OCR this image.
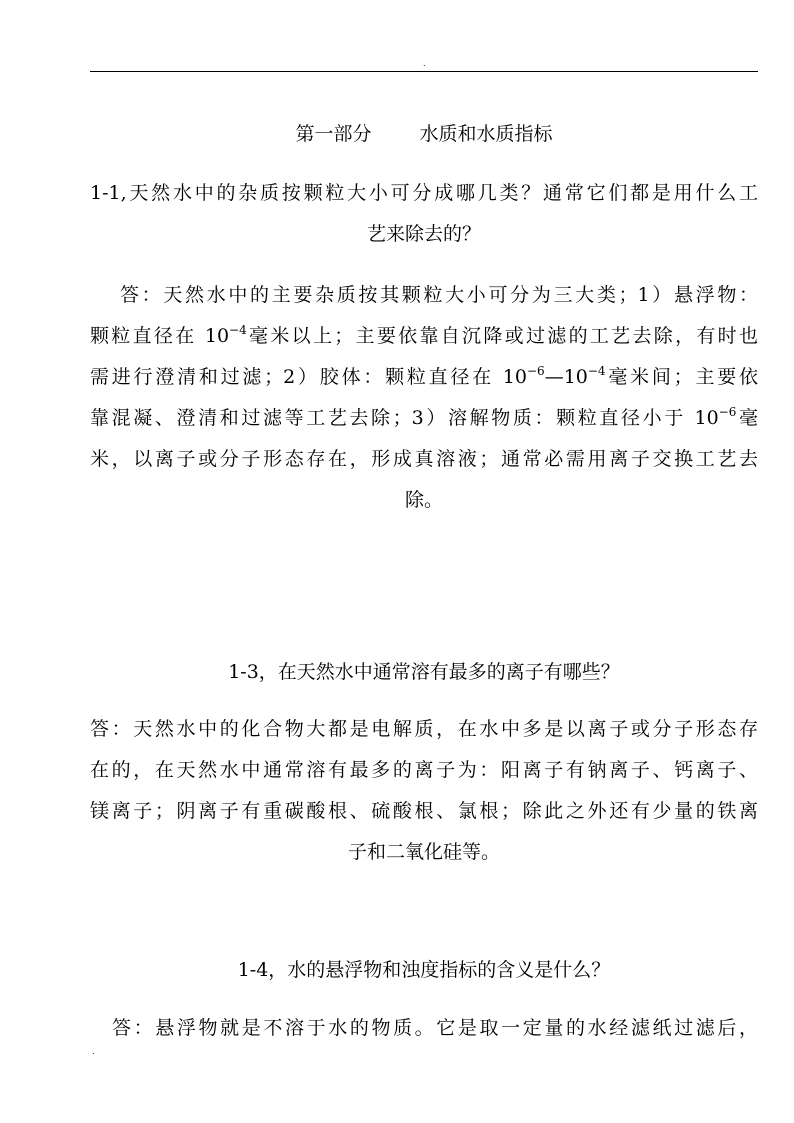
.
第一部分	水质和水质指标
1-1,天然水中的杂质按颗粒大小可分成哪几类？通常它们都是用什么工
艺来除去的？
答：天然水中的主要杂质按其颗粒大小可分为三大类；1）悬浮物：
颗粒直径在 $10^{-4}$毫米以上；主要依靠自沉降或过滤的工艺去除，有时也
需进行澄清和过滤；2）胶体：颗粒直径在 $10^{-6}—10^{-4}$毫米间；主要依
靠混凝、澄清和过滤等工艺去除；3）溶解物质：颗粒直径小于 $10^{-6}$毫
米，以离子或分子形态存在，形成真溶液；通常必需用离子交换工艺去
除。
1-3，在天然水中通常溶有最多的离子有哪些？
答：天然水中的化合物大都是电解质，在水中多是以离子或分子形态存
在的，在天然水中通常溶有最多的离子为：阳离子有钠离子、钙离子、
镁离子；阴离子有重碳酸根、硫酸根、氯根；除此之外还有少量的铁离
子和二氧化硅等。
1-4，水的悬浮物和浊度指标的含义是什么？
答：悬浮物就是不溶于水的物质。它是取一定量的水经滤纸过滤后，
.
